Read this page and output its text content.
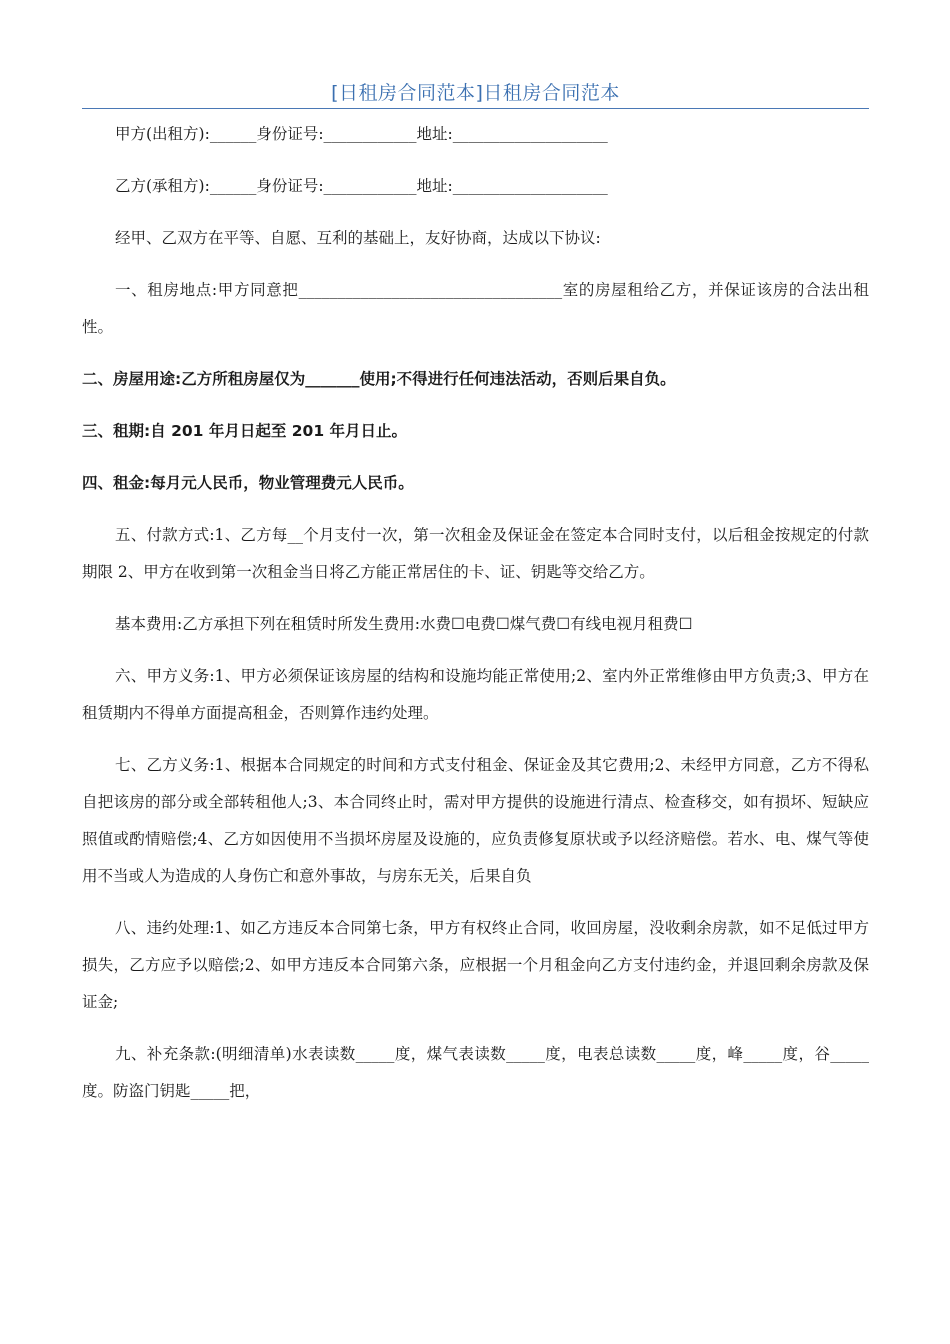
[日租房合同范本]日租房合同范本

甲方(出租方):______身份证号:____________地址:____________________

乙方(承租方):______身份证号:____________地址:____________________

经甲、乙双方在平等、自愿、互利的基础上，友好协商，达成以下协议:

一、租房地点:甲方同意把__________________________________室的房屋租给乙方，并保证该房的合法出租性。

二、房屋用途:乙方所租房屋仅为_______使用;不得进行任何违法活动，否则后果自负。

三、租期:自 201 年月日起至 201 年月日止。

四、租金:每月元人民币，物业管理费元人民币。

五、付款方式:1、乙方每__个月支付一次，第一次租金及保证金在签定本合同时支付，以后租金按规定的付款期限 2、甲方在收到第一次租金当日将乙方能正常居住的卡、证、钥匙等交给乙方。

基本费用:乙方承担下列在租赁时所发生费用:水费☐电费☐煤气费☐有线电视月租费☐

六、甲方义务:1、甲方必须保证该房屋的结构和设施均能正常使用;2、室内外正常维修由甲方负责;3、甲方在租赁期内不得单方面提高租金，否则算作违约处理。

七、乙方义务:1、根据本合同规定的时间和方式支付租金、保证金及其它费用;2、未经甲方同意，乙方不得私自把该房的部分或全部转租他人;3、本合同终止时，需对甲方提供的设施进行清点、检查移交，如有损坏、短缺应照值或酌情赔偿;4、乙方如因使用不当损坏房屋及设施的，应负责修复原状或予以经济赔偿。若水、电、煤气等使用不当或人为造成的人身伤亡和意外事故，与房东无关，后果自负

八、违约处理:1、如乙方违反本合同第七条，甲方有权终止合同，收回房屋，没收剩余房款，如不足低过甲方损失，乙方应予以赔偿;2、如甲方违反本合同第六条，应根据一个月租金向乙方支付违约金，并退回剩余房款及保证金;

九、补充条款:(明细清单)水表读数_____度，煤气表读数_____度，电表总读数_____度，峰_____度，谷_____度。防盗门钥匙_____把，
